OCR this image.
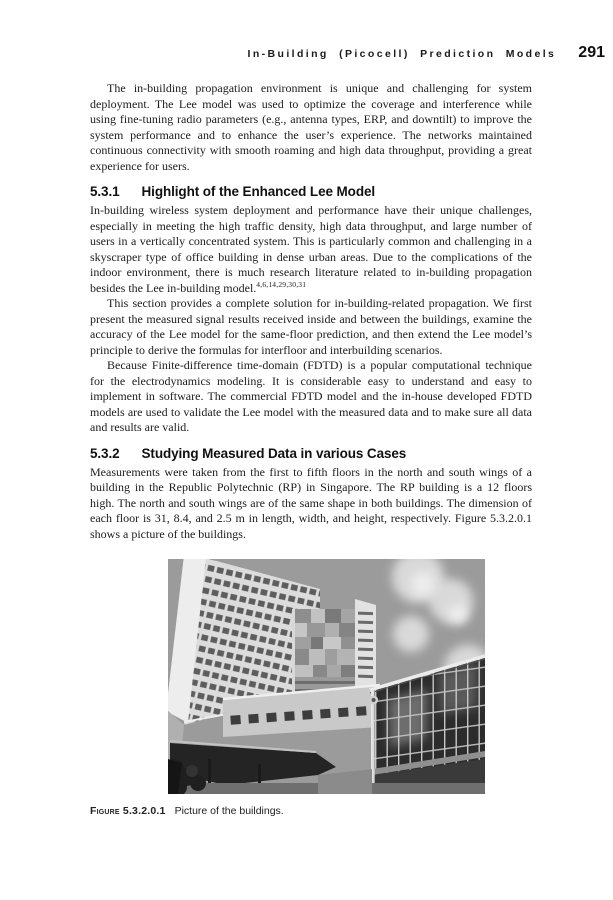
In-Building (Picocell) Prediction Models 291

The in-building propagation environment is unique and challenging for system deployment. The Lee model was used to optimize the coverage and interference while using fine-tuning radio parameters (e.g., antenna types, ERP, and downtilt) to improve the system performance and to enhance the user’s experience. The networks maintained continuous connectivity with smooth roaming and high data throughput, providing a great experience for users.

5.3.1 Highlight of the Enhanced Lee Model

In-building wireless system deployment and performance have their unique challenges, especially in meeting the high traffic density, high data throughput, and large number of users in a vertically concentrated system. This is particularly common and challenging in a skyscraper type of office building in dense urban areas. Due to the complications of the indoor environment, there is much research literature related to in-building propagation besides the Lee in-building model.$^{4,6,14,29,30,31}$

This section provides a complete solution for in-building-related propagation. We first present the measured signal results received inside and between the buildings, examine the accuracy of the Lee model for the same-floor prediction, and then extend the Lee model’s principle to derive the formulas for interfloor and interbuilding scenarios.

Because Finite-difference time-domain (FDTD) is a popular computational technique for the electrodynamics modeling. It is considerable easy to understand and easy to implement in software. The commercial FDTD model and the in-house developed FDTD models are used to validate the Lee model with the measured data and to make sure all data and results are valid.

5.3.2 Studying Measured Data in various Cases

Measurements were taken from the first to fifth floors in the north and south wings of a building in the Republic Polytechnic (RP) in Singapore. The RP building is a 12 floors high. The north and south wings are of the same shape in both buildings. The dimension of each floor is 31, 8.4, and 2.5 m in length, width, and height, respectively. Figure 5.3.2.0.1 shows a picture of the buildings.

Figure 5.3.2.0.1 Picture of the buildings.
